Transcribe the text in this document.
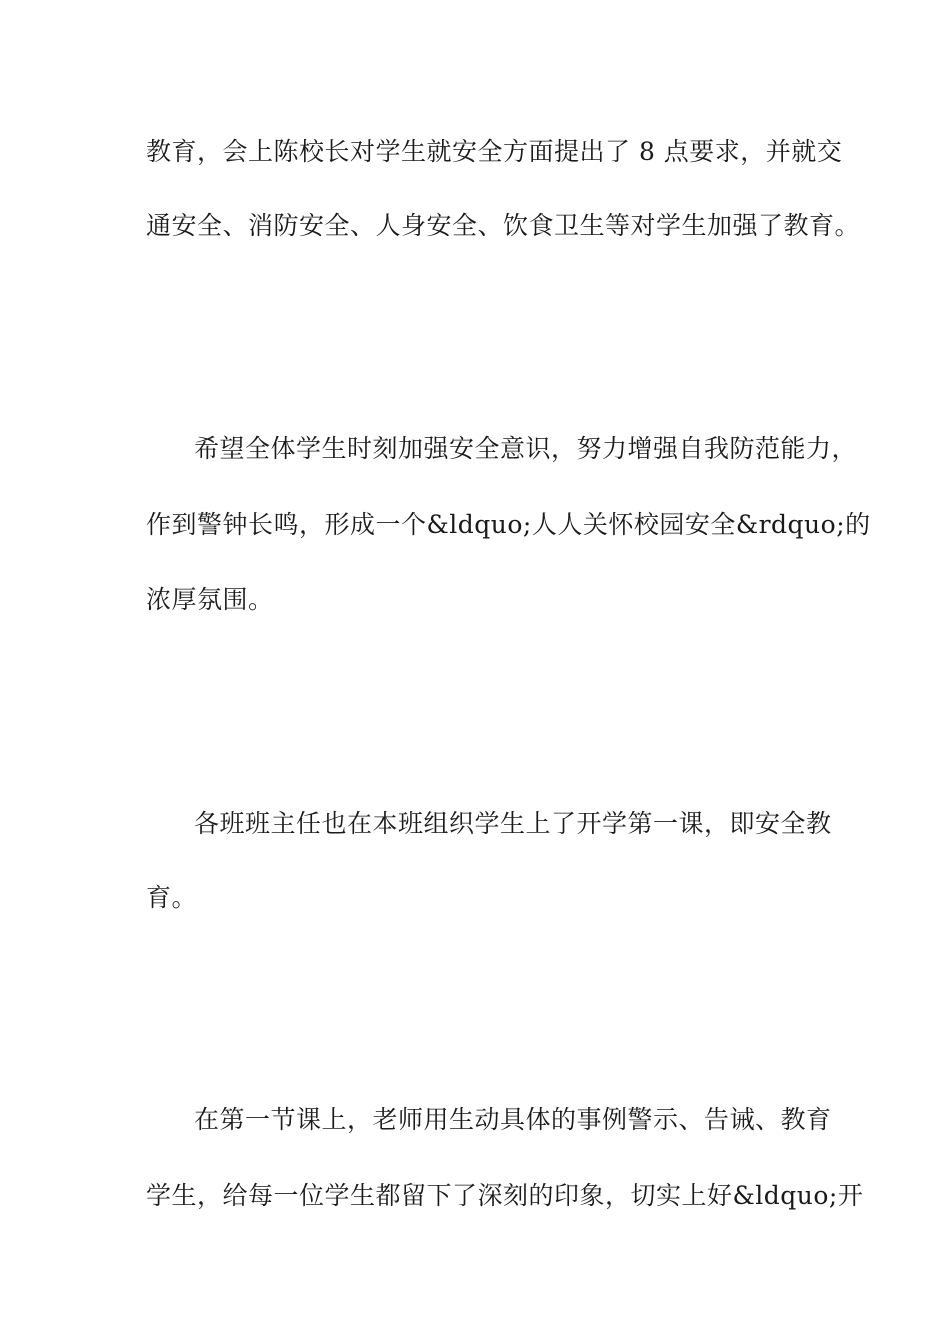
教育，会上陈校长对学生就安全方面提出了 8 点要求，并就交
通安全、消防安全、人身安全、饮食卫生等对学生加强了教育。
希望全体学生时刻加强安全意识，努力增强自我防范能力，
作到警钟长鸣，形成一个&ldquo;人人关怀校园安全&rdquo;的
浓厚氛围。
各班班主任也在本班组织学生上了开学第一课，即安全教
育。
在第一节课上，老师用生动具体的事例警示、告诫、教育
学生，给每一位学生都留下了深刻的印象，切实上好&ldquo;开
